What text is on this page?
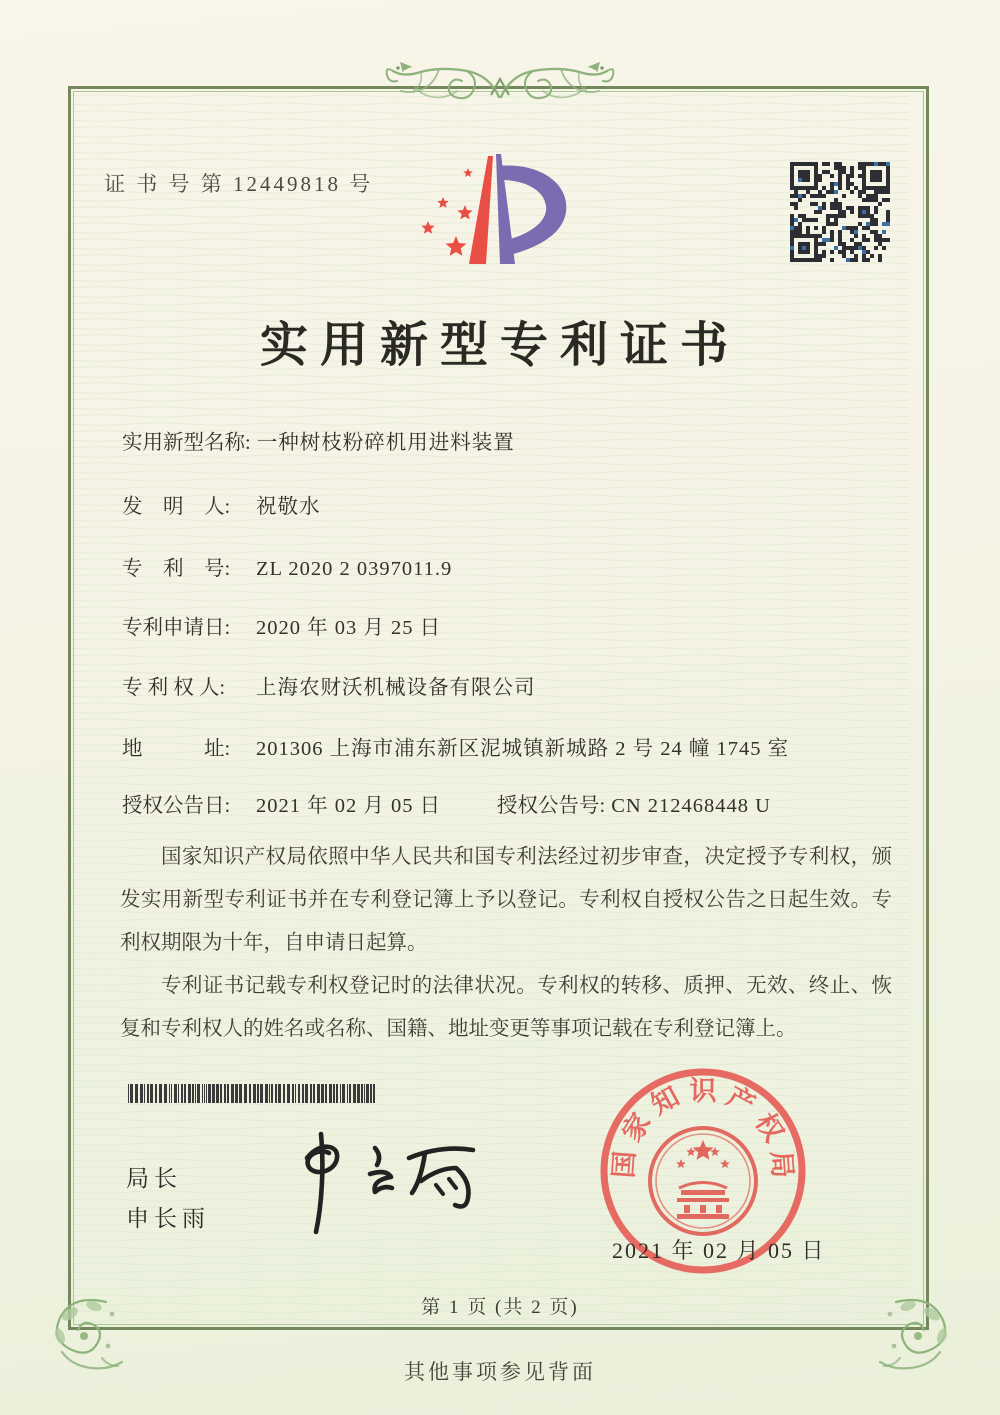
证 书 号 第 12449818 号
实用新型专利证书
实用新型名称: 一种树枝粉碎机用进料装置
发　明　人: 祝敬水
专　利　号: ZL 2020 2 0397011.9
专利申请日: 2020 年 03 月 25 日
专 利 权 人: 上海农财沃机械设备有限公司
地　　　址: 201306 上海市浦东新区泥城镇新城路 2 号 24 幢 1745 室
授权公告日: 2021 年 02 月 05 日	授权公告号: CN 212468448 U

国家知识产权局依照中华人民共和国专利法经过初步审查，决定授予专利权，颁发实用新型专利证书并在专利登记簿上予以登记。专利权自授权公告之日起生效。专利权期限为十年，自申请日起算。

专利证书记载专利权登记时的法律状况。专利权的转移、质押、无效、终止、恢复和专利权人的姓名或名称、国籍、地址变更等事项记载在专利登记簿上。

局长
申长雨
国
家
知 识 产
权
局
2021 年 02 月 05 日
第 1 页 (共 2 页)
其他事项参见背面
